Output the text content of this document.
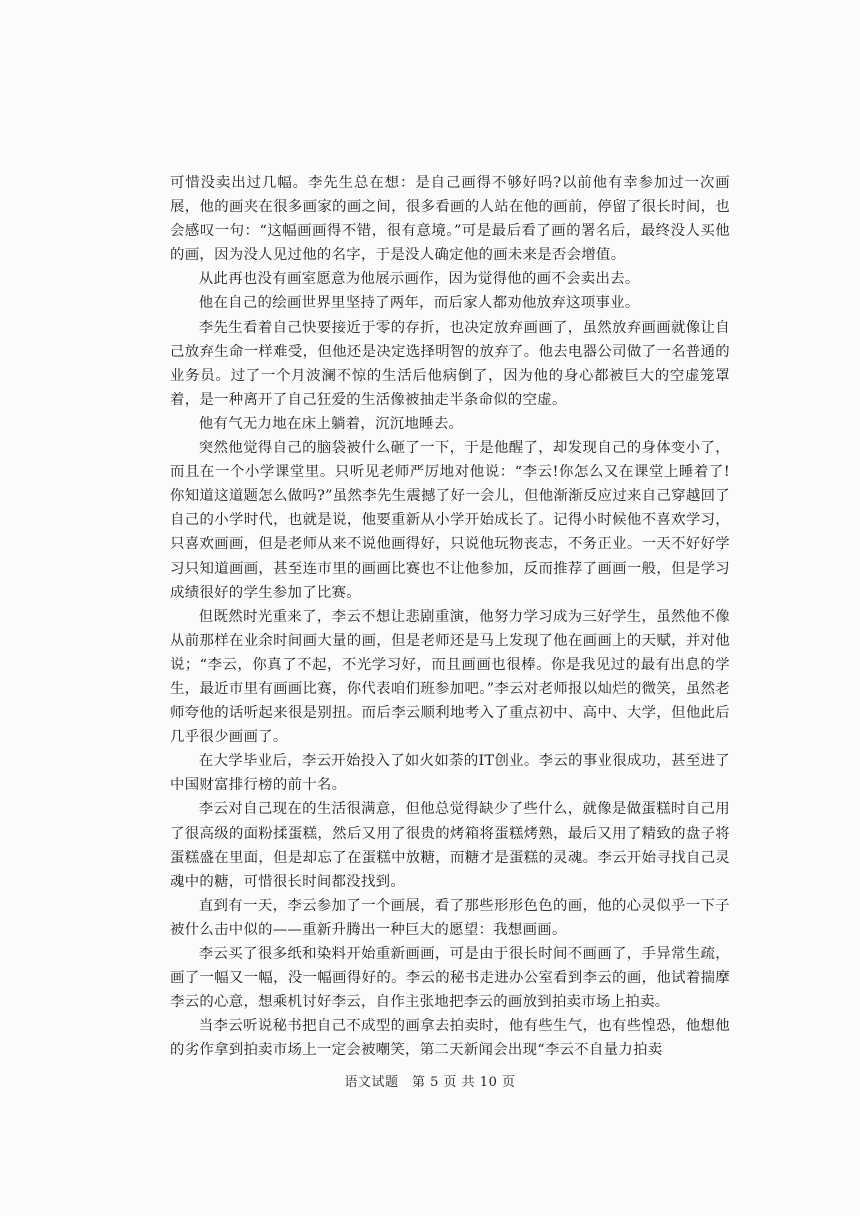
可惜没卖出过几幅。李先生总在想：是自己画得不够好吗?以前他有幸参加过一次画展，他的画夹在很多画家的画之间，很多看画的人站在他的画前，停留了很长时间，也会感叹一句：“这幅画画得不错，很有意境。”可是最后看了画的署名后，最终没人买他的画，因为没人见过他的名字，于是没人确定他的画未来是否会增值。

从此再也没有画室愿意为他展示画作，因为觉得他的画不会卖出去。

他在自己的绘画世界里坚持了两年，而后家人都劝他放弃这项事业。

李先生看着自己快要接近于零的存折，也决定放弃画画了，虽然放弃画画就像让自己放弃生命一样难受，但他还是决定选择明智的放弃了。他去电器公司做了一名普通的业务员。过了一个月波澜不惊的生活后他病倒了，因为他的身心都被巨大的空虚笼罩着，是一种离开了自己狂爱的生活像被抽走半条命似的空虚。

他有气无力地在床上躺着，沉沉地睡去。

突然他觉得自己的脑袋被什么砸了一下，于是他醒了，却发现自己的身体变小了，而且在一个小学课堂里。只听见老师严厉地对他说：“李云!你怎么又在课堂上睡着了!你知道这道题怎么做吗?”虽然李先生震撼了好一会儿，但他渐渐反应过来自己穿越回了自己的小学时代，也就是说，他要重新从小学开始成长了。记得小时候他不喜欢学习，只喜欢画画，但是老师从来不说他画得好，只说他玩物丧志，不务正业。一天不好好学习只知道画画，甚至连市里的画画比赛也不让他参加，反而推荐了画画一般，但是学习成绩很好的学生参加了比赛。

但既然时光重来了，李云不想让悲剧重演，他努力学习成为三好学生，虽然他不像从前那样在业余时间画大量的画，但是老师还是马上发现了他在画画上的天赋，并对他说；“李云，你真了不起，不光学习好，而且画画也很棒。你是我见过的最有出息的学生，最近市里有画画比赛，你代表咱们班参加吧。”李云对老师报以灿烂的微笑，虽然老师夸他的话听起来很是别扭。而后李云顺利地考入了重点初中、高中、大学，但他此后几乎很少画画了。

在大学毕业后，李云开始投入了如火如荼的IT创业。李云的事业很成功，甚至进了中国财富排行榜的前十名。

李云对自己现在的生活很满意，但他总觉得缺少了些什么，就像是做蛋糕时自己用了很高级的面粉揉蛋糕，然后又用了很贵的烤箱将蛋糕烤熟，最后又用了精致的盘子将蛋糕盛在里面，但是却忘了在蛋糕中放糖，而糖才是蛋糕的灵魂。李云开始寻找自己灵魂中的糖，可惜很长时间都没找到。

直到有一天，李云参加了一个画展，看了那些形形色色的画，他的心灵似乎一下子被什么击中似的——重新升腾出一种巨大的愿望：我想画画。

李云买了很多纸和染料开始重新画画，可是由于很长时间不画画了，手异常生疏，画了一幅又一幅，没一幅画得好的。李云的秘书走进办公室看到李云的画，他试着揣摩李云的心意，想乘机讨好李云，自作主张地把李云的画放到拍卖市场上拍卖。

当李云听说秘书把自己不成型的画拿去拍卖时，他有些生气，也有些惶恐，他想他的劣作拿到拍卖市场上一定会被嘲笑，第二天新闻会出现“李云不自量力拍卖

语文试题　第 5 页 共 10 页
